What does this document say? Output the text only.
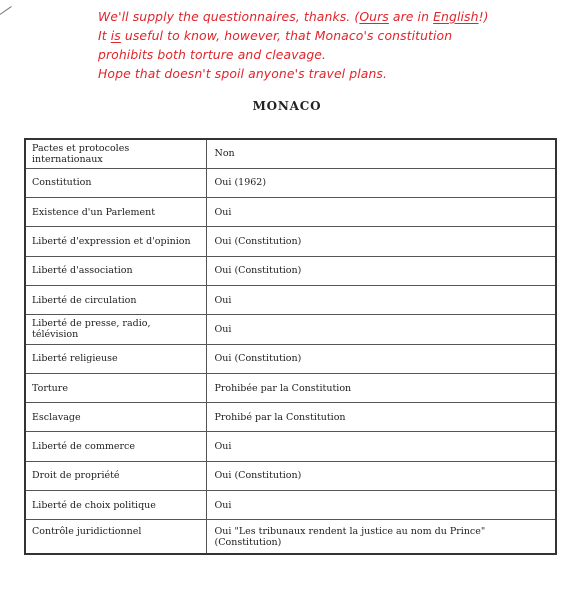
We'll supply the questionnaires, thanks. (Ours are in English!)
It is useful to know, however, that Monaco's constitution
prohibits both torture and cleavage.
Hope that doesn't spoil anyone's travel plans.
MONACO
Pactes et protocoles internationaux	Non
Constitution	Oui (1962)
Existence d'un Parlement	Oui
Liberté d'expression et d'opinion	Oui (Constitution)
Liberté d'association	Oui (Constitution)
Liberté de circulation	Oui
Liberté de presse, radio, télévision	Oui
Liberté religieuse	Oui (Constitution)
Torture	Prohibée par la Constitution
Esclavage	Prohibé par la Constitution
Liberté de commerce	Oui
Droit de propriété	Oui (Constitution)
Liberté de choix politique	Oui
Contrôle juridictionnel	Oui "Les tribunaux rendent la justice au nom du Prince"
(Constitution)
